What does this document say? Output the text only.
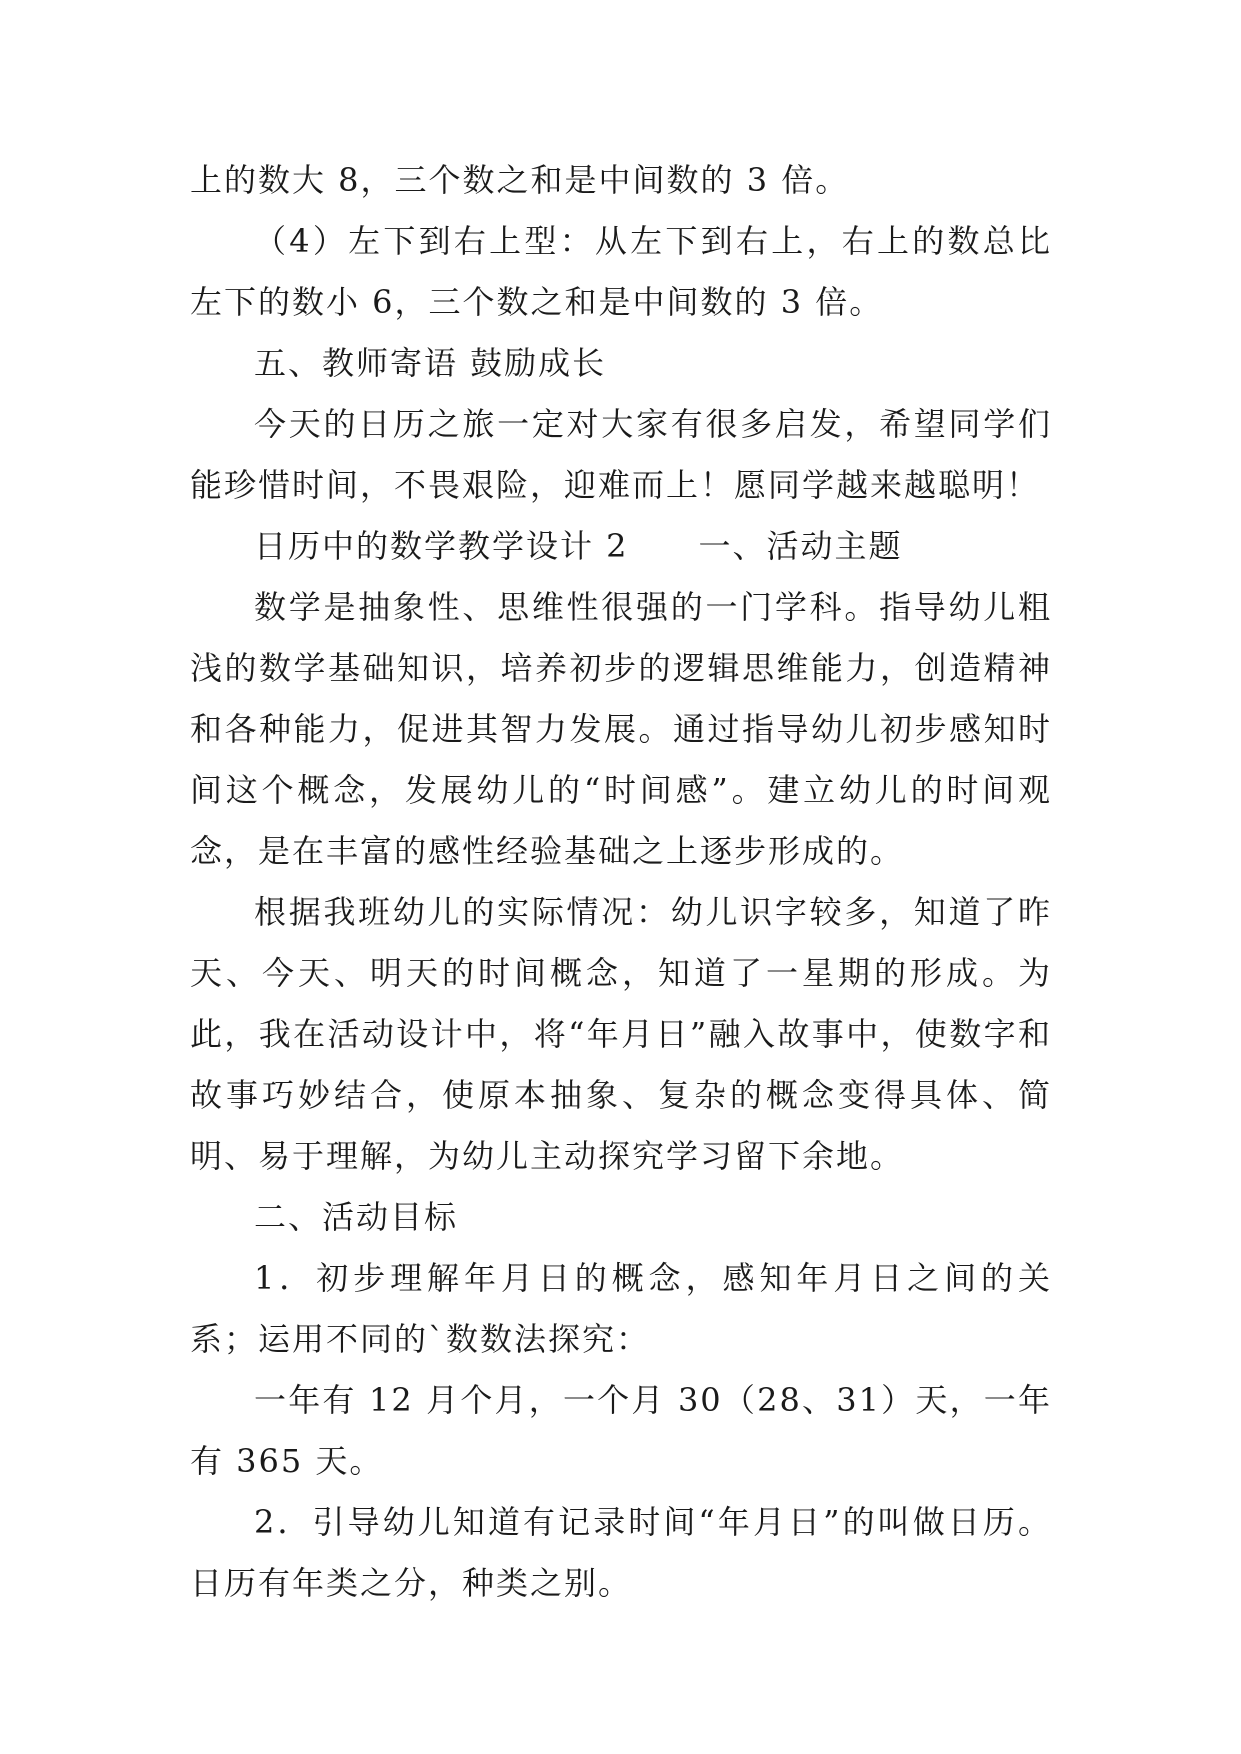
上的数大 8，三个数之和是中间数的 3 倍。

（4）左下到右上型：从左下到右上，右上的数总比左下的数小 6，三个数之和是中间数的 3 倍。

五、教师寄语 鼓励成长

今天的日历之旅一定对大家有很多启发，希望同学们能珍惜时间，不畏艰险，迎难而上！愿同学越来越聪明！

日历中的数学教学设计 2 一、活动主题

数学是抽象性、思维性很强的一门学科。指导幼儿粗浅的数学基础知识，培养初步的逻辑思维能力，创造精神和各种能力，促进其智力发展。通过指导幼儿初步感知时间这个概念，发展幼儿的“时间感”。建立幼儿的时间观念，是在丰富的感性经验基础之上逐步形成的。

根据我班幼儿的实际情况：幼儿识字较多，知道了昨天、今天、明天的时间概念，知道了一星期的形成。为此，我在活动设计中，将“年月日”融入故事中，使数字和故事巧妙结合，使原本抽象、复杂的概念变得具体、简明、易于理解，为幼儿主动探究学习留下余地。

二、活动目标

1．初步理解年月日的概念，感知年月日之间的关系；运用不同的`数数法探究：

一年有 12 月个月，一个月 30（28、31）天，一年有 365 天。

2．引导幼儿知道有记录时间“年月日”的叫做日历。日历有年类之分，种类之别。
